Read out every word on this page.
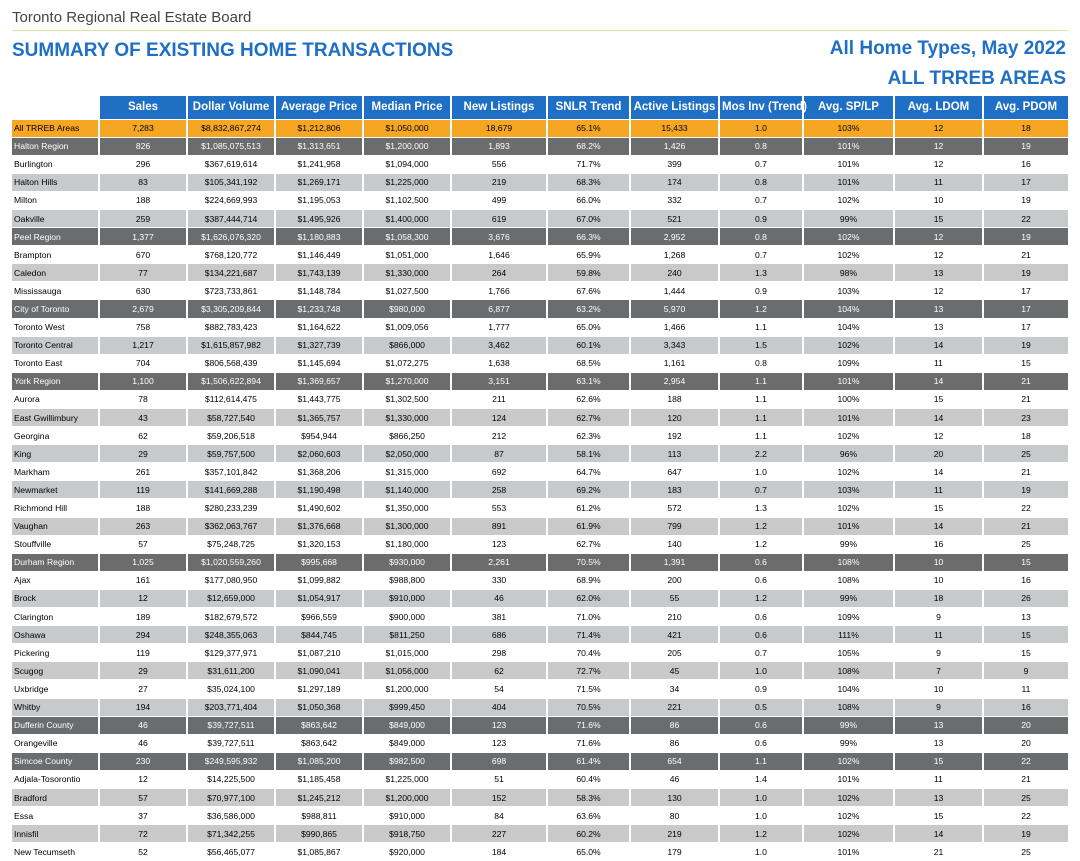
Toronto Regional Real Estate Board
SUMMARY OF EXISTING HOME TRANSACTIONS	All Home Types, May 2022
ALL TRREB AREAS
	Sales	Dollar Volume	Average Price	Median Price	New Listings	SNLR Trend	Active Listings	Mos Inv (Trend)	Avg. SP/LP	Avg. LDOM	Avg. PDOM
All TRREB Areas	7,283	$8,832,867,274	$1,212,806	$1,050,000	18,679	65.1%	15,433	1.0	103%	12	18
Halton Region	826	$1,085,075,513	$1,313,651	$1,200,000	1,893	68.2%	1,426	0.8	101%	12	19
Burlington	296	$367,619,614	$1,241,958	$1,094,000	556	71.7%	399	0.7	101%	12	16
Halton Hills	83	$105,341,192	$1,269,171	$1,225,000	219	68.3%	174	0.8	101%	11	17
Milton	188	$224,669,993	$1,195,053	$1,102,500	499	66.0%	332	0.7	102%	10	19
Oakville	259	$387,444,714	$1,495,926	$1,400,000	619	67.0%	521	0.9	99%	15	22
Peel Region	1,377	$1,626,076,320	$1,180,883	$1,058,300	3,676	66.3%	2,952	0.8	102%	12	19
Brampton	670	$768,120,772	$1,146,449	$1,051,000	1,646	65.9%	1,268	0.7	102%	12	21
Caledon	77	$134,221,687	$1,743,139	$1,330,000	264	59.8%	240	1.3	98%	13	19
Mississauga	630	$723,733,861	$1,148,784	$1,027,500	1,766	67.6%	1,444	0.9	103%	12	17
City of Toronto	2,679	$3,305,209,844	$1,233,748	$980,000	6,877	63.2%	5,970	1.2	104%	13	17
Toronto West	758	$882,783,423	$1,164,622	$1,009,056	1,777	65.0%	1,466	1.1	104%	13	17
Toronto Central	1,217	$1,615,857,982	$1,327,739	$866,000	3,462	60.1%	3,343	1.5	102%	14	19
Toronto East	704	$806,568,439	$1,145,694	$1,072,275	1,638	68.5%	1,161	0.8	109%	11	15
York Region	1,100	$1,506,622,894	$1,369,657	$1,270,000	3,151	63.1%	2,954	1.1	101%	14	21
Aurora	78	$112,614,475	$1,443,775	$1,302,500	211	62.6%	188	1.1	100%	15	21
East Gwillimbury	43	$58,727,540	$1,365,757	$1,330,000	124	62.7%	120	1.1	101%	14	23
Georgina	62	$59,206,518	$954,944	$866,250	212	62.3%	192	1.1	102%	12	18
King	29	$59,757,500	$2,060,603	$2,050,000	87	58.1%	113	2.2	96%	20	25
Markham	261	$357,101,842	$1,368,206	$1,315,000	692	64.7%	647	1.0	102%	14	21
Newmarket	119	$141,669,288	$1,190,498	$1,140,000	258	69.2%	183	0.7	103%	11	19
Richmond Hill	188	$280,233,239	$1,490,602	$1,350,000	553	61.2%	572	1.3	102%	15	22
Vaughan	263	$362,063,767	$1,376,668	$1,300,000	891	61.9%	799	1.2	101%	14	21
Stouffville	57	$75,248,725	$1,320,153	$1,180,000	123	62.7%	140	1.2	99%	16	25
Durham Region	1,025	$1,020,559,260	$995,668	$930,000	2,261	70.5%	1,391	0.6	108%	10	15
Ajax	161	$177,080,950	$1,099,882	$988,800	330	68.9%	200	0.6	108%	10	16
Brock	12	$12,659,000	$1,054,917	$910,000	46	62.0%	55	1.2	99%	18	26
Clarington	189	$182,679,572	$966,559	$900,000	381	71.0%	210	0.6	109%	9	13
Oshawa	294	$248,355,063	$844,745	$811,250	686	71.4%	421	0.6	111%	11	15
Pickering	119	$129,377,971	$1,087,210	$1,015,000	298	70.4%	205	0.7	105%	9	15
Scugog	29	$31,611,200	$1,090,041	$1,056,000	62	72.7%	45	1.0	108%	7	9
Uxbridge	27	$35,024,100	$1,297,189	$1,200,000	54	71.5%	34	0.9	104%	10	11
Whitby	194	$203,771,404	$1,050,368	$999,450	404	70.5%	221	0.5	108%	9	16
Dufferin County	46	$39,727,511	$863,642	$849,000	123	71.6%	86	0.6	99%	13	20
Orangeville	46	$39,727,511	$863,642	$849,000	123	71.6%	86	0.6	99%	13	20
Simcoe County	230	$249,595,932	$1,085,200	$982,500	698	61.4%	654	1.1	102%	15	22
Adjala-Tosorontio	12	$14,225,500	$1,185,458	$1,225,000	51	60.4%	46	1.4	101%	11	21
Bradford	57	$70,977,100	$1,245,212	$1,200,000	152	58.3%	130	1.0	102%	13	25
Essa	37	$36,586,000	$988,811	$910,000	84	63.6%	80	1.0	102%	15	22
Innisfil	72	$71,342,255	$990,865	$918,750	227	60.2%	219	1.2	102%	14	19
New Tecumseth	52	$56,465,077	$1,085,867	$920,000	184	65.0%	179	1.0	101%	21	25
